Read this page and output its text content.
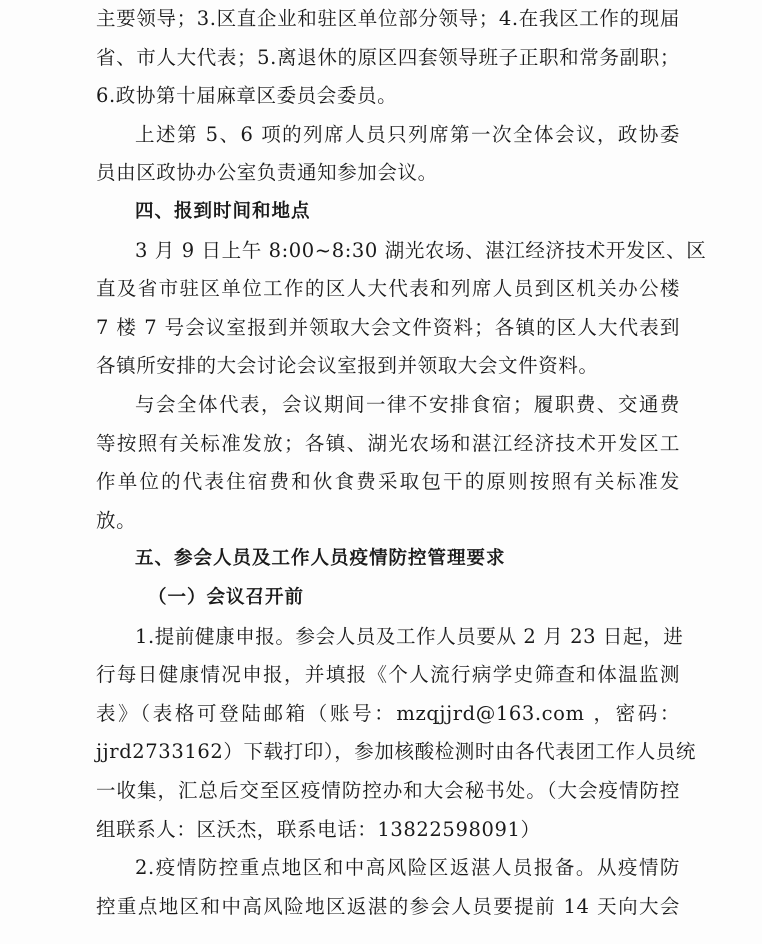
主要领导；3.区直企业和驻区单位部分领导；4.在我区工作的现届
省、市人大代表；5.离退休的原区四套领导班子正职和常务副职；
6.政协第十届麻章区委员会委员。
上述第 5、6 项的列席人员只列席第一次全体会议，政协委
员由区政协办公室负责通知参加会议。
四、报到时间和地点
3 月 9 日上午 8:00~8:30 湖光农场、湛江经济技术开发区、区
直及省市驻区单位工作的区人大代表和列席人员到区机关办公楼
7 楼 7 号会议室报到并领取大会文件资料；各镇的区人大代表到
各镇所安排的大会讨论会议室报到并领取大会文件资料。
与会全体代表，会议期间一律不安排食宿；履职费、交通费
等按照有关标准发放；各镇、湖光农场和湛江经济技术开发区工
作单位的代表住宿费和伙食费采取包干的原则按照有关标准发
放。
五、参会人员及工作人员疫情防控管理要求
（一）会议召开前
1.提前健康申报。参会人员及工作人员要从 2 月 23 日起，进
行每日健康情况申报，并填报《个人流行病学史筛查和体温监测
表》（表格可登陆邮箱（账号：mzqjjrd@163.com ，密码：
jjrd2733162）下载打印），参加核酸检测时由各代表团工作人员统
一收集，汇总后交至区疫情防控办和大会秘书处。（大会疫情防控
组联系人：区沃杰，联系电话：13822598091）
2.疫情防控重点地区和中高风险区返湛人员报备。从疫情防
控重点地区和中高风险地区返湛的参会人员要提前 14 天向大会
